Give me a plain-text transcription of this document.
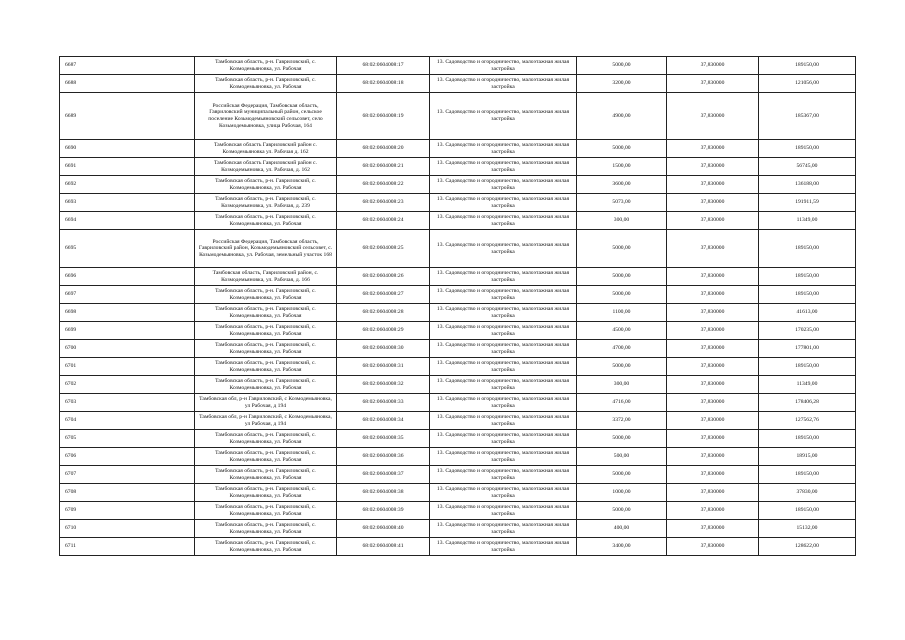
6687	Тамбовская область, р-н. Гавриловский, с. Козмодемьяновка, ул. Рабочая	68:02:0604008:17	13. Садоводство и огородничество, малоэтажная жилая застройка	5000,00	37,830000	189150,00
6688	Тамбовская область, р-н. Гавриловский, с. Козмодемьяновка, ул. Рабочая	68:02:0604008:18	13. Садоводство и огородничество, малоэтажная жилая застройка	3200,00	37,830000	121056,00
6689	Российская Федерация, Тамбовская область, Гавриловский муниципальный район, сельское поселение Козьмодемьяновский сельсовет, село Козьмодемьяновка, улица Рабочая, 164	68:02:0604008:19	13. Садоводство и огородничество, малоэтажная жилая застройка	4900,00	37,830000	185367,00
6690	Тамбовская область Гавриловский район с. Козмодемьяновка ул. Рабочая д. 162	68:02:0604008:20	13. Садоводство и огородничество, малоэтажная жилая застройка	5000,00	37,830000	189150,00
6691	Тамбовская область Гавриловский район с. Козмодемьяновка, ул. Рабочая, д. 162	68:02:0604008:21	13. Садоводство и огородничество, малоэтажная жилая застройка	1500,00	37,830000	56745,00
6692	Тамбовская область, р-н. Гавриловский, с. Козмодемьяновка, ул. Рабочая	68:02:0604008:22	13. Садоводство и огородничество, малоэтажная жилая застройка	3600,00	37,830000	136188,00
6693	Тамбовская область, р-н. Гавриловский, с. Козмодемьяновка, ул. Рабочая, д. 239	68:02:0604008:23	13. Садоводство и огородничество, малоэтажная жилая застройка	5073,00	37,830000	191911,59
6694	Тамбовская область, р-н. Гавриловский, с. Козмодемьяновка, ул. Рабочая	68:02:0604008:24	13. Садоводство и огородничество, малоэтажная жилая застройка	300,00	37,830000	11349,00
6695	Российская Федерация, Тамбовская область, Гавриловский район, Козьмодемьяновский сельсовет, с. Козьмодемьяновка, ул. Рабочая, земельный участок 168	68:02:0604008:25	13. Садоводство и огородничество, малоэтажная жилая застройка	5000,00	37,830000	189150,00
6696	Тамбовская область, Гавриловский район, с. Козмодемьяновка, ул. Рабочая, д. 166	68:02:0604008:26	13. Садоводство и огородничество, малоэтажная жилая застройка	5000,00	37,830000	189150,00
6697	Тамбовская область, р-н. Гавриловский, с. Козмодемьяновка, ул. Рабочая	68:02:0604008:27	13. Садоводство и огородничество, малоэтажная жилая застройка	5000,00	37,830000	189150,00
6698	Тамбовская область, р-н. Гавриловский, с. Козмодемьяновка, ул. Рабочая	68:02:0604008:28	13. Садоводство и огородничество, малоэтажная жилая застройка	1100,00	37,830000	41613,00
6699	Тамбовская область, р-н. Гавриловский, с. Козмодемьяновка, ул. Рабочая	68:02:0604008:29	13. Садоводство и огородничество, малоэтажная жилая застройка	4500,00	37,830000	170235,00
6700	Тамбовская область, р-н. Гавриловский, с. Козмодемьяновка, ул. Рабочая	68:02:0604008:30	13. Садоводство и огородничество, малоэтажная жилая застройка	4700,00	37,830000	177801,00
6701	Тамбовская область, р-н. Гавриловский, с. Козмодемьяновка, ул. Рабочая	68:02:0604008:31	13. Садоводство и огородничество, малоэтажная жилая застройка	5000,00	37,830000	189150,00
6702	Тамбовская область, р-н. Гавриловский, с. Козмодемьяновка, ул. Рабочая	68:02:0604008:32	13. Садоводство и огородничество, малоэтажная жилая застройка	300,00	37,830000	11349,00
6703	Тамбовская обл, р-н Гавриловский, с Козмодемьяновка, ул Рабочая, д 194	68:02:0604008:33	13. Садоводство и огородничество, малоэтажная жилая застройка	4716,00	37,830000	178406,28
6704	Тамбовская обл, р-н Гавриловский, с Козмодемьяновка, ул Рабочая, д 194	68:02:0604008:34	13. Садоводство и огородничество, малоэтажная жилая застройка	3372,00	37,830000	127562,76
6705	Тамбовская область, р-н. Гавриловский, с. Козмодемьяновка, ул. Рабочая	68:02:0604008:35	13. Садоводство и огородничество, малоэтажная жилая застройка	5000,00	37,830000	189150,00
6706	Тамбовская область, р-н. Гавриловский, с. Козмодемьяновка, ул. Рабочая	68:02:0604008:36	13. Садоводство и огородничество, малоэтажная жилая застройка	500,00	37,830000	18915,00
6707	Тамбовская область, р-н. Гавриловский, с. Козмодемьяновка, ул. Рабочая	68:02:0604008:37	13. Садоводство и огородничество, малоэтажная жилая застройка	5000,00	37,830000	189150,00
6708	Тамбовская область, р-н. Гавриловский, с. Козмодемьяновка, ул. Рабочая	68:02:0604008:38	13. Садоводство и огородничество, малоэтажная жилая застройка	1000,00	37,830000	37830,00
6709	Тамбовская область, р-н. Гавриловский, с. Козмодемьяновка, ул. Рабочая	68:02:0604008:39	13. Садоводство и огородничество, малоэтажная жилая застройка	5000,00	37,830000	189150,00
6710	Тамбовская область, р-н. Гавриловский, с. Козмодемьяновка, ул. Рабочая	68:02:0604008:40	13. Садоводство и огородничество, малоэтажная жилая застройка	400,00	37,830000	15132,00
6711	Тамбовская область, р-н. Гавриловский, с. Козмодемьяновка, ул. Рабочая	68:02:0604008:41	13. Садоводство и огородничество, малоэтажная жилая застройка	3400,00	37,830000	128622,00
